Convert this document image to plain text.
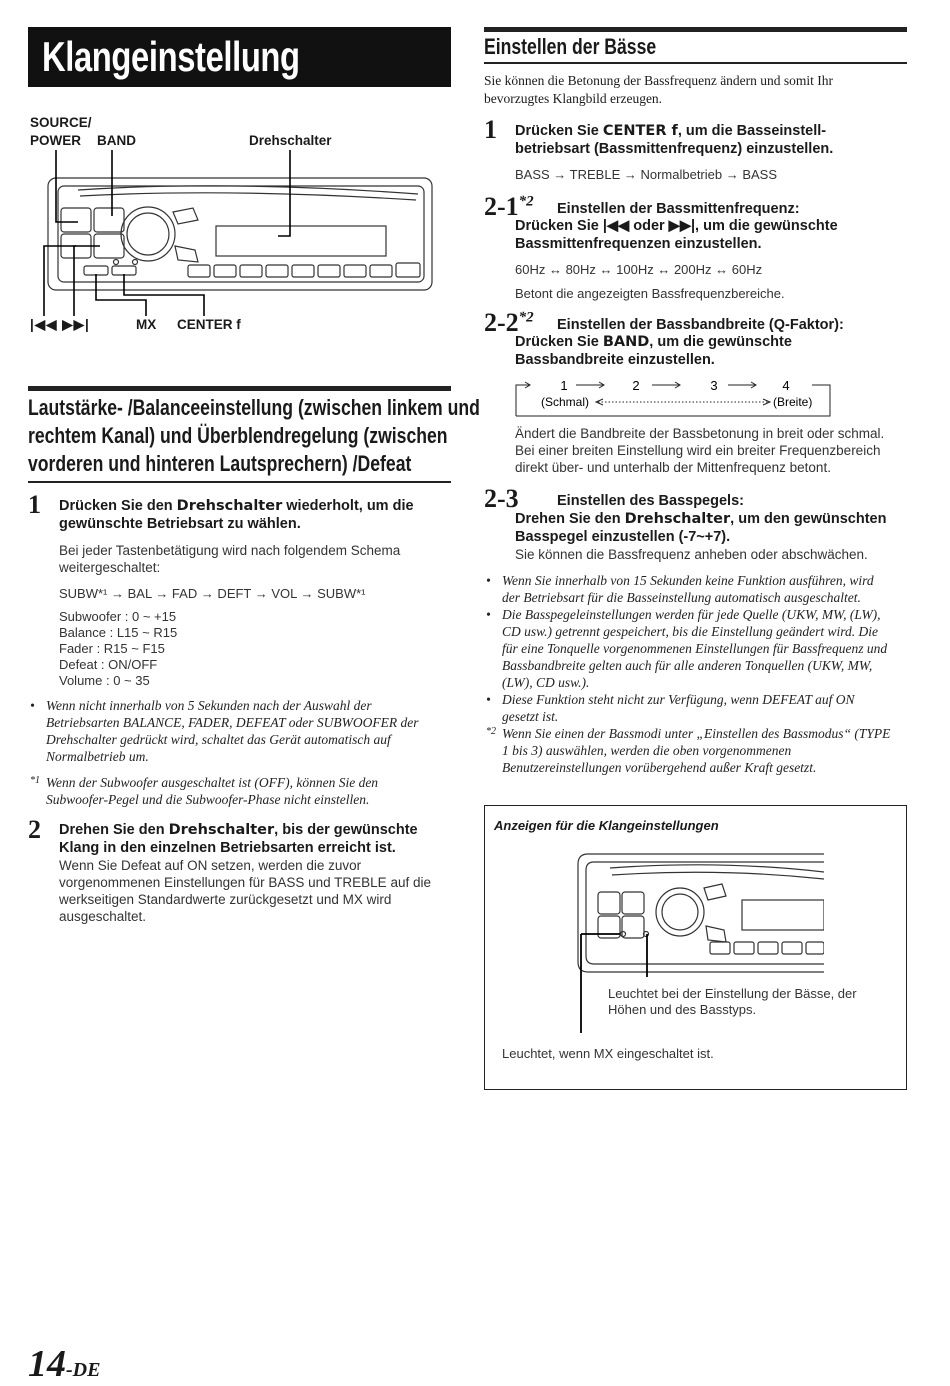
Klangeinstellung
SOURCE/
POWER BAND	Drehschalter
|◀◀ ▶▶|	MX CENTER f
Lautstärke- /Balanceeinstellung (zwischen linkem und
rechtem Kanal) und Überblendregelung (zwischen
vorderen und hinteren Lautsprechern) /Defeat
1 Drücken Sie den Drehschalter wiederholt, um die
gewünschte Betriebsart zu wählen.
Bei jeder Tastenbetätigung wird nach folgendem Schema
weitergeschaltet:
SUBW*¹ → BAL → FAD → DEFT → VOL → SUBW*¹
Subwoofer : 0 ~ +15
Balance : L15 ~ R15
Fader : R15 ~ F15
Defeat : ON/OFF
Volume : 0 ~ 35
• Wenn nicht innerhalb von 5 Sekunden nach der Auswahl der
Betriebsarten BALANCE, FADER, DEFEAT oder SUBWOOFER der
Drehschalter gedrückt wird, schaltet das Gerät automatisch auf
Normalbetrieb um.
*1 Wenn der Subwoofer ausgeschaltet ist (OFF), können Sie den
Subwoofer-Pegel und die Subwoofer-Phase nicht einstellen.
2 Drehen Sie den Drehschalter, bis der gewünschte
Klang in den einzelnen Betriebsarten erreicht ist.
Wenn Sie Defeat auf ON setzen, werden die zuvor
vorgenommenen Einstellungen für BASS und TREBLE auf die
werkseitigen Standardwerte zurückgesetzt und MX wird
ausgeschaltet.
Einstellen der Bässe
Sie können die Betonung der Bassfrequenz ändern und somit Ihr
bevorzugtes Klangbild erzeugen.
1 Drücken Sie CENTER f, um die Basseinstell-
betriebsart (Bassmittenfrequenz) einzustellen.
BASS → TREBLE → Normalbetrieb → BASS
2-1$^{*2}$ Einstellen der Bassmittenfrequenz:
Drücken Sie |◀◀ oder ▶▶|, um die gewünschte
Bassmittenfrequenzen einzustellen.
60Hz ↔ 80Hz ↔ 100Hz ↔ 200Hz ↔ 60Hz
Betont die angezeigten Bassfrequenzbereiche.
2-2$^{*2}$ Einstellen der Bassbandbreite (Q-Faktor):
Drücken Sie BAND, um die gewünschte
Bassbandbreite einzustellen.
1	2	3	4
(Schmal)	(Breite)
Ändert die Bandbreite der Bassbetonung in breit oder schmal.
Bei einer breiten Einstellung wird ein breiter Frequenzbereich
direkt über- und unterhalb der Mittenfrequenz betont.
2-3	Einstellen des Basspegels:
Drehen Sie den Drehschalter, um den gewünschten
Basspegel einzustellen (-7~+7).
Sie können die Bassfrequenz anheben oder abschwächen.
• Wenn Sie innerhalb von 15 Sekunden keine Funktion ausführen, wird
der Betriebsart für die Basseinstellung automatisch ausgeschaltet.
• Die Basspegeleinstellungen werden für jede Quelle (UKW, MW, (LW),
CD usw.) getrennt gespeichert, bis die Einstellung geändert wird. Die
für eine Tonquelle vorgenommenen Einstellungen für Bassfrequenz und
Bassbandbreite gelten auch für alle anderen Tonquellen (UKW, MW,
(LW), CD usw.).
• Diese Funktion steht nicht zur Verfügung, wenn DEFEAT auf ON
gesetzt ist.
*2 Wenn Sie einen der Bassmodi unter „Einstellen des Bassmodus“ (TYPE
1 bis 3) auswählen, werden die oben vorgenommenen
Benutzereinstellungen vorübergehend außer Kraft gesetzt.
Anzeigen für die Klangeinstellungen
Leuchtet bei der Einstellung der Bässe, der
Höhen und des Basstyps.
Leuchtet, wenn MX eingeschaltet ist.
14-DE
